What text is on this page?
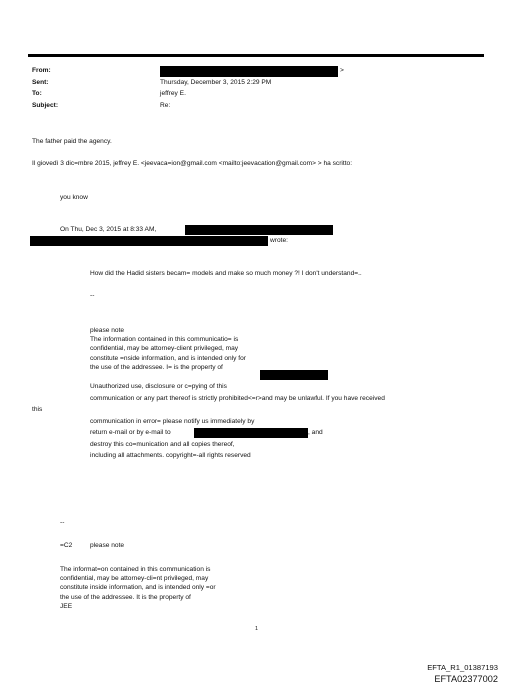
From:
Sent:
To:
Subject:
>
Thursday, December 3, 2015 2:29 PM
jeffrey E.
Re:
The father paid the agency.
Il giovedì 3 dic=mbre 2015, jeffrey E. <jeevaca=ion@gmail.com <mailto:jeevacation@gmail.com> > ha scritto:
you know
On Thu, Dec 3, 2015 at 8:33 AM,
wrote:
How did the Hadid sisters becam= models and make so much money ?! I don't understand=..
--
please note
The information contained in this communicatio= is
confidential, may be attorney-client privileged, may
constitute =nside information, and is intended only for
the use of the addressee. I= is the property of
Unauthorized use, disclosure or c=pying of this
communication or any part thereof is strictly prohibited<=r>and may be unlawful. If you have received
this
communication in error= please notify us immediately by
return e-mail or by e-mail to	, and
destroy this co=munication and all copies thereof,
including all attachments. copyright=-all rights reserved
--
=C2	please note
The informat=on contained in this communication is
confidential, may be attorney-cli=nt privileged, may
constitute inside information, and is intended only =or
the use of the addressee. It is the property of
JEE
1
EFTA_R1_01387193
EFTA02377002
